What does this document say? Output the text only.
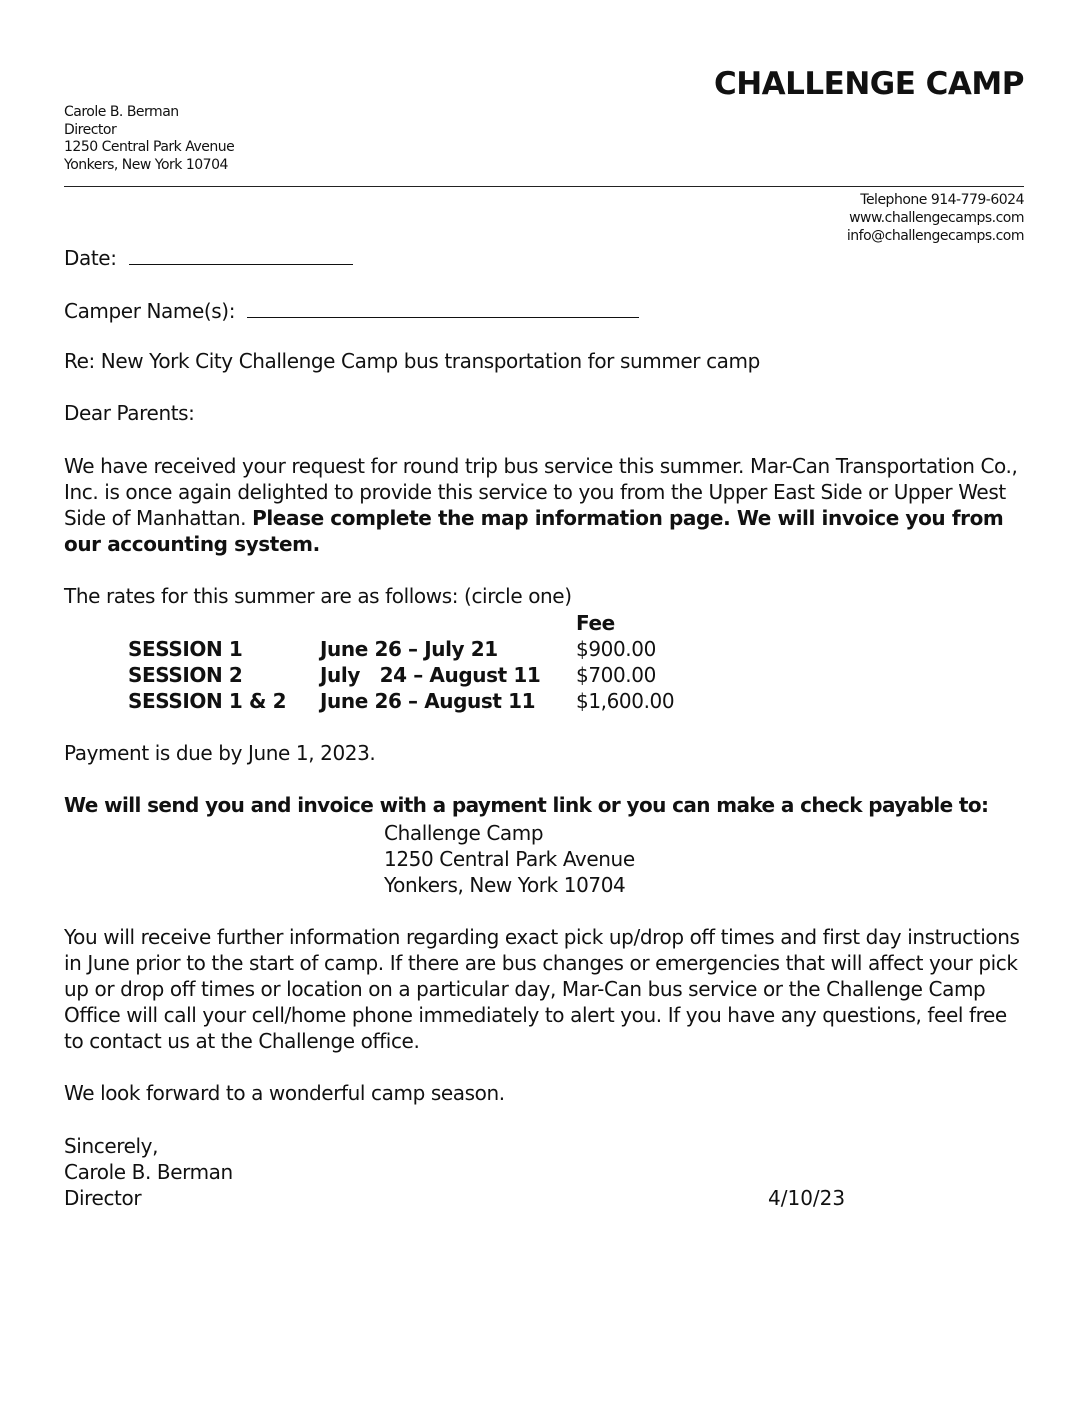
CHALLENGE CAMP
Carole B. Berman
Director
1250 Central Park Avenue
Yonkers, New York 10704
Telephone 914-779-6024
www.challengecamps.com
info@challengecamps.com
Date:
Camper Name(s):
Re: New York City Challenge Camp bus transportation for summer camp
Dear Parents:

We have received your request for round trip bus service this summer. Mar-Can Transportation Co., Inc. is once again delighted to provide this service to you from the Upper East Side or Upper West Side of Manhattan. Please complete the map information page. We will invoice you from our accounting system.

The rates for this summer are as follows: (circle one)
Fee
SESSION 1	June 26 – July 21	$900.00
SESSION 2	July   24 – August 11 $700.00
SESSION 1 & 2 June 26 – August 11 $1,600.00
Payment is due by June 1, 2023.
We will send you and invoice with a payment link or you can make a check payable to:
Challenge Camp
1250 Central Park Avenue
Yonkers, New York 10704

You will receive further information regarding exact pick up/drop off times and first day instructions in June prior to the start of camp. If there are bus changes or emergencies that will affect your pick up or drop off times or location on a particular day, Mar-Can bus service or the Challenge Camp Office will call your cell/home phone immediately to alert you. If you have any questions, feel free to contact us at the Challenge office.

We look forward to a wonderful camp season.
Sincerely,
Carole B. Berman
Director	4/10/23
